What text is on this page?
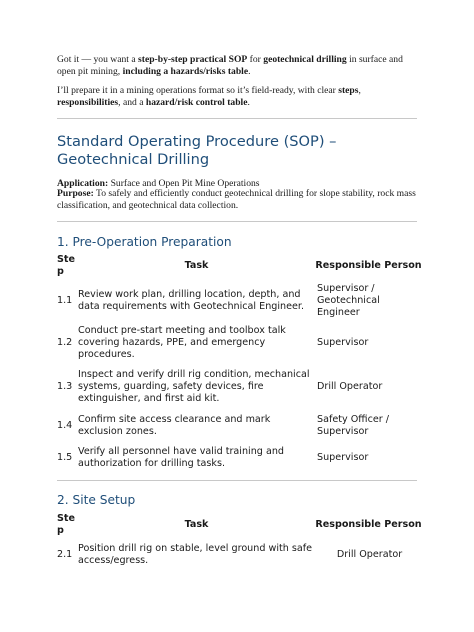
Got it — you want a step-by-step practical SOP for geotechnical drilling in surface and open pit mining, including a hazards/risks table.

I’ll prepare it in a mining operations format so it’s field-ready, with clear steps, responsibilities, and a hazard/risk control table.

Standard Operating Procedure (SOP) – Geotechnical Drilling

Application: Surface and Open Pit Mine Operations

Purpose: To safely and efficiently conduct geotechnical drilling for slope stability, rock mass classification, and geotechnical data collection.

1. Pre-Operation Preparation
Ste p	Task	Responsible Person
1.1	Review work plan, drilling location, depth, and data requirements with Geotechnical Engineer.	Supervisor / Geotechnical Engineer
1.2	Conduct pre-start meeting and toolbox talk covering hazards, PPE, and emergency procedures.	Supervisor
1.3	Inspect and verify drill rig condition, mechanical systems, guarding, safety devices, fire extinguisher, and first aid kit.	Drill Operator
1.4	Confirm site access clearance and mark exclusion zones.	Safety Officer / Supervisor
1.5	Verify all personnel have valid training and authorization for drilling tasks.	Supervisor
2. Site Setup
Ste p	Task	Responsible Person
2.1	Position drill rig on stable, level ground with safe access/egress.	Drill Operator
